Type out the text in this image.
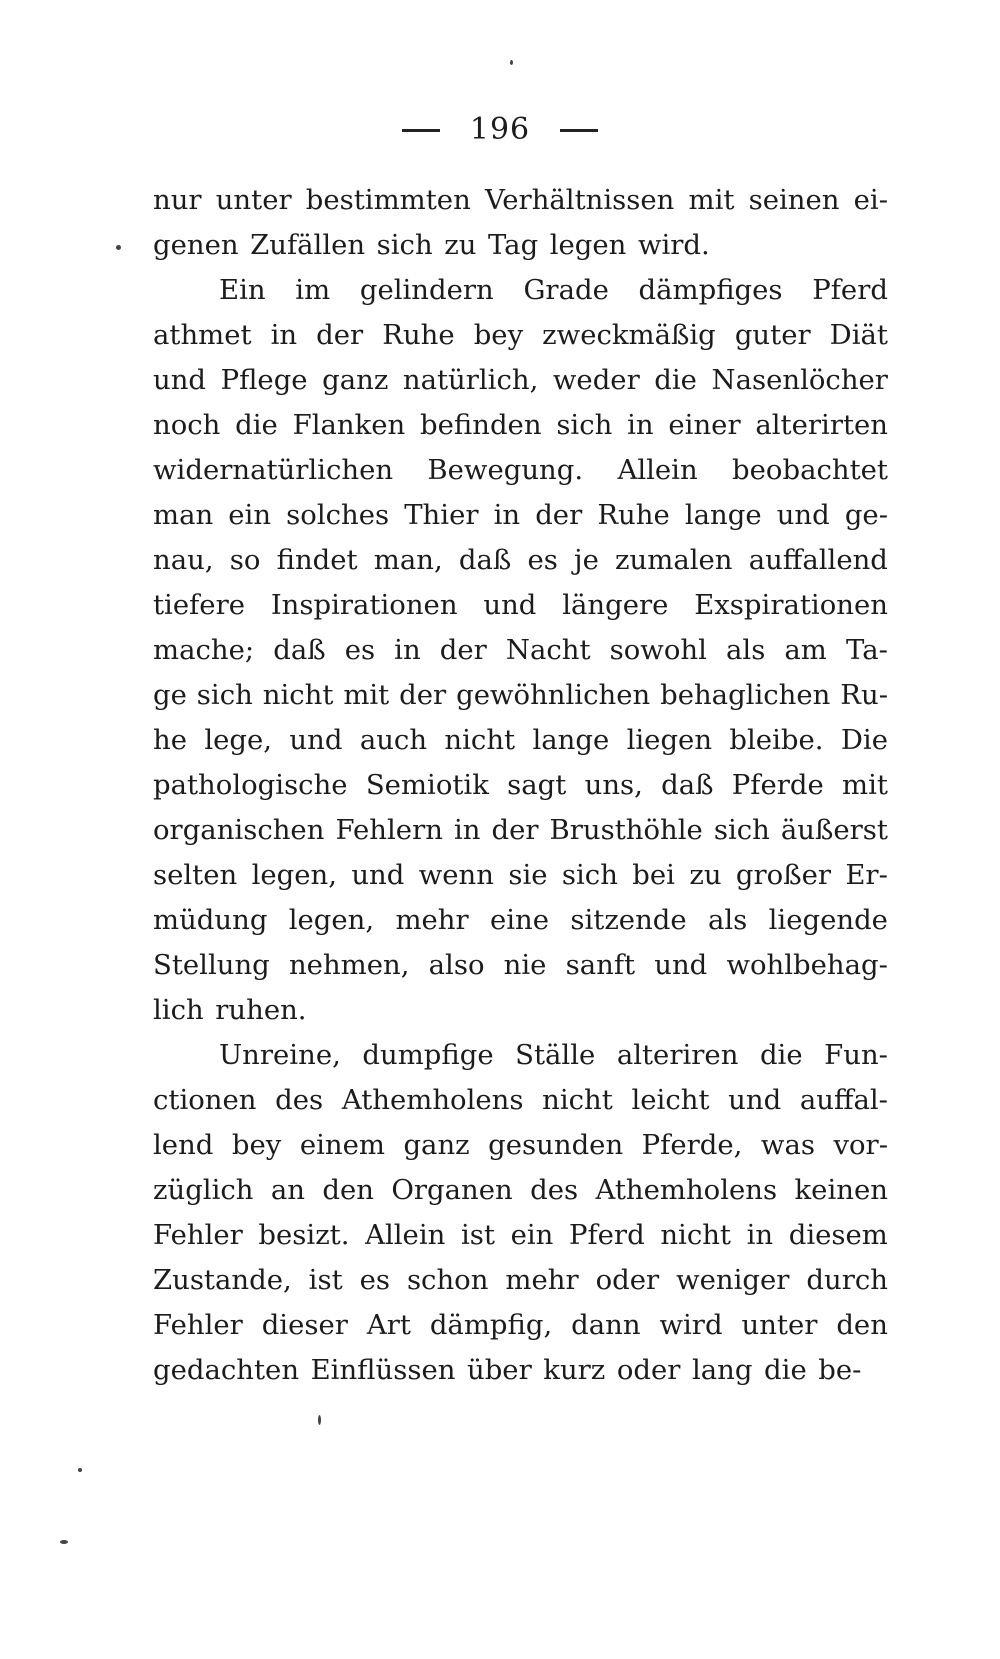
196
nur unter bestimmten Verhältnissen mit seinen ei-
genen Zufällen sich zu Tag legen wird.
Ein im gelindern Grade dämpfiges Pferd
athmet in der Ruhe bey zweckmäßig guter Diät
und Pflege ganz natürlich, weder die Nasenlöcher
noch die Flanken befinden sich in einer alterirten
widernatürlichen Bewegung. Allein beobachtet
man ein solches Thier in der Ruhe lange und ge-
nau, so findet man, daß es je zumalen auffallend
tiefere Inspirationen und längere Exspirationen
mache; daß es in der Nacht sowohl als am Ta-
ge sich nicht mit der gewöhnlichen behaglichen Ru-
he lege, und auch nicht lange liegen bleibe. Die
pathologische Semiotik sagt uns, daß Pferde mit
organischen Fehlern in der Brusthöhle sich äußerst
selten legen, und wenn sie sich bei zu großer Er-
müdung legen, mehr eine sitzende als liegende
Stellung nehmen, also nie sanft und wohlbehag-
lich ruhen.
Unreine, dumpfige Ställe alteriren die Fun-
ctionen des Athemholens nicht leicht und auffal-
lend bey einem ganz gesunden Pferde, was vor-
züglich an den Organen des Athemholens keinen
Fehler besizt. Allein ist ein Pferd nicht in diesem
Zustande, ist es schon mehr oder weniger durch
Fehler dieser Art dämpfig, dann wird unter den
gedachten Einflüssen über kurz oder lang die be-
